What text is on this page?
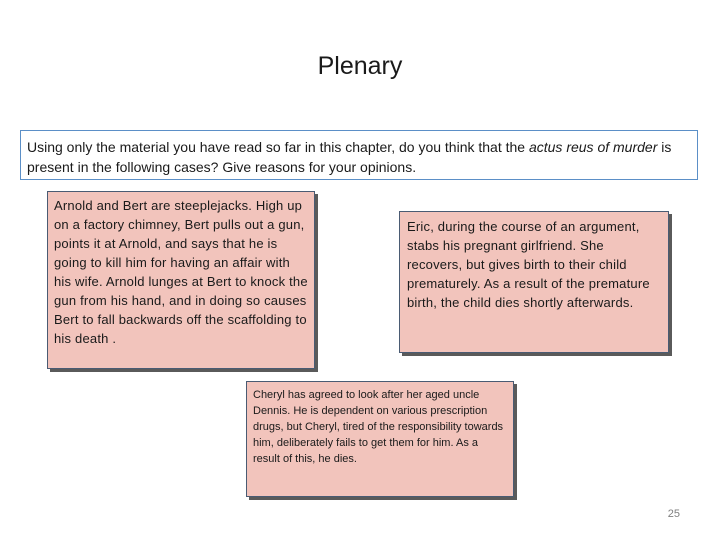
Plenary
Using only the material you have read so far in this chapter, do you think that the actus reus of murder is present in the following cases? Give reasons for your opinions.
Arnold and Bert are steeplejacks. High up on a factory chimney, Bert pulls out a gun, points it at Arnold, and says that he is going to kill him for having an affair with his wife. Arnold lunges at Bert to knock the gun from his hand, and in doing so causes Bert to fall backwards off the scaffolding to his death .
Eric, during the course of an argument, stabs his pregnant girlfriend. She recovers, but gives birth to their child prematurely. As a result of the premature birth, the child dies shortly afterwards.
Cheryl has agreed to look after her aged uncle Dennis. He is dependent on various prescription drugs, but Cheryl, tired of the responsibility towards him, deliberately fails to get them for him. As a result of this, he dies.
25
